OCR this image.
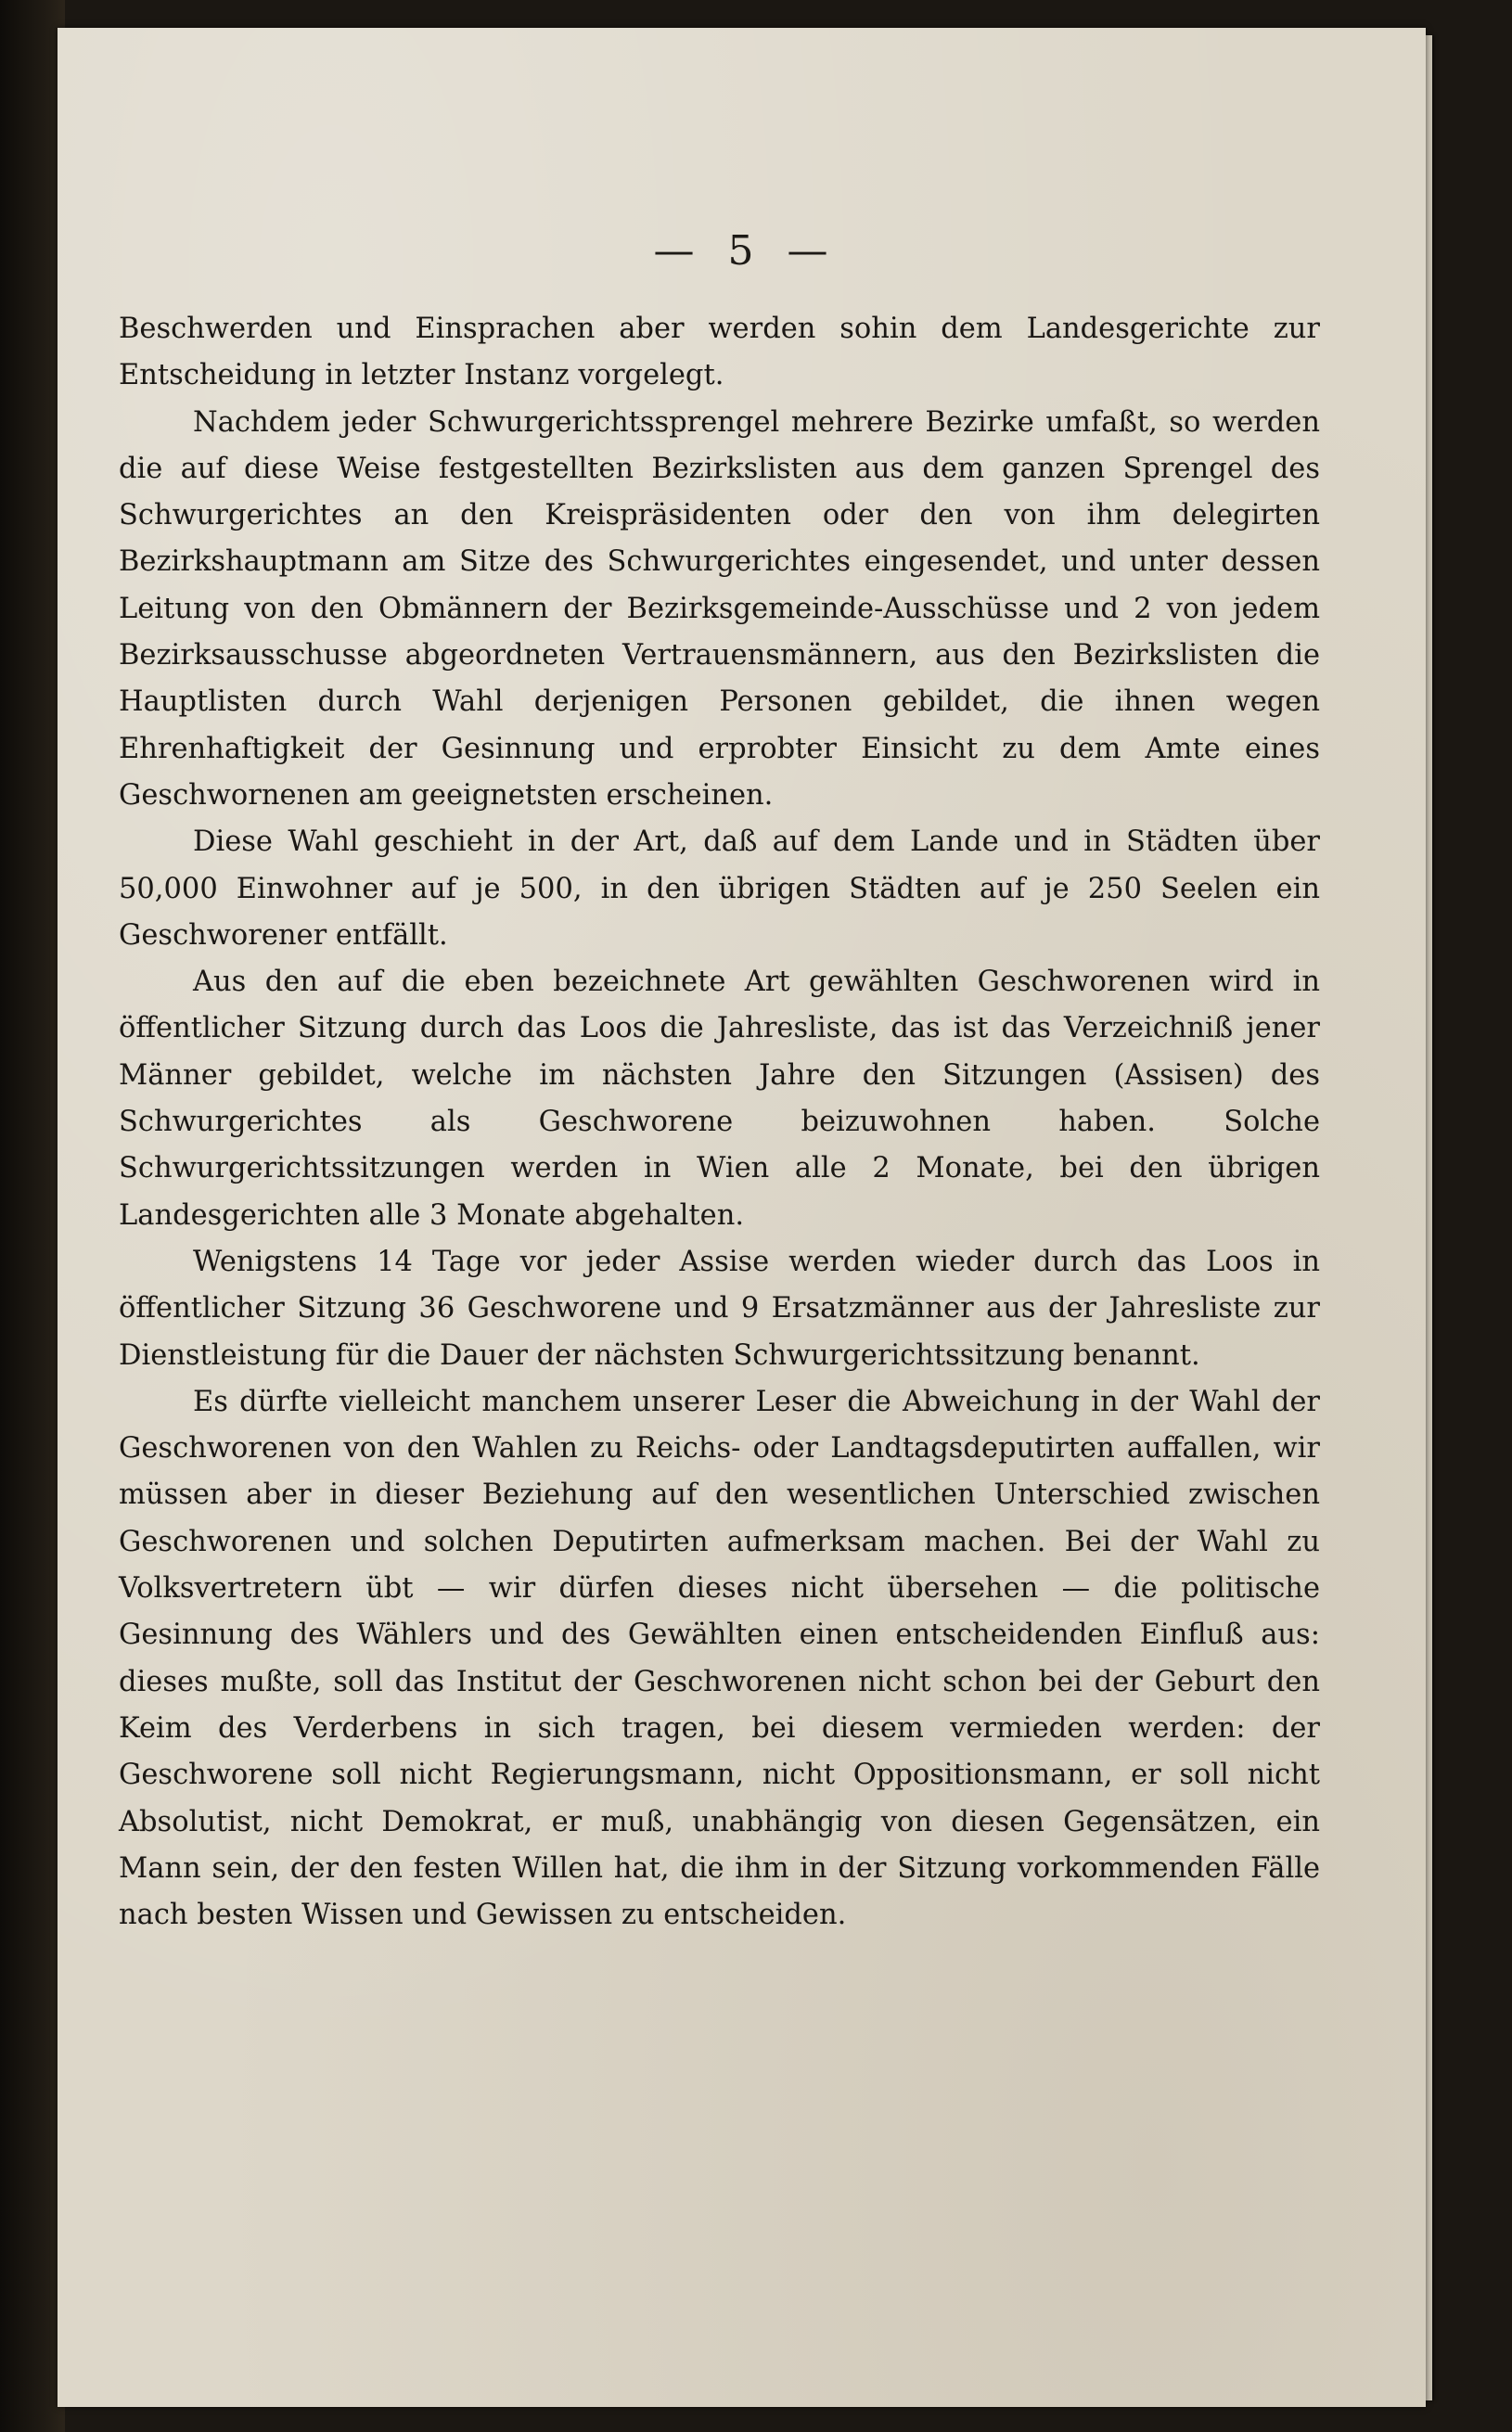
— 5 —

Beschwerden und Einsprachen aber werden sohin dem Landesgerichte zur Entscheidung in letzter Instanz vorgelegt.

Nachdem jeder Schwurgerichtssprengel mehrere Bezirke umfaßt, so werden die auf diese Weise festgestellten Bezirkslisten aus dem ganzen Sprengel des Schwurgerichtes an den Kreispräsidenten oder den von ihm delegirten Bezirkshauptmann am Sitze des Schwurgerichtes eingesendet, und unter dessen Leitung von den Obmännern der Bezirksgemeinde-Ausschüsse und 2 von jedem Bezirksausschusse abgeordneten Vertrauensmännern, aus den Bezirkslisten die Hauptlisten durch Wahl derjenigen Personen gebildet, die ihnen wegen Ehrenhaftigkeit der Gesinnung und erprobter Einsicht zu dem Amte eines Geschwornenen am geeignetsten erscheinen.

Diese Wahl geschieht in der Art, daß auf dem Lande und in Städten über 50,000 Einwohner auf je 500, in den übrigen Städten auf je 250 Seelen ein Geschworener entfällt.

Aus den auf die eben bezeichnete Art gewählten Geschworenen wird in öffentlicher Sitzung durch das Loos die Jahresliste, das ist das Verzeichniß jener Männer gebildet, welche im nächsten Jahre den Sitzungen (Assisen) des Schwurgerichtes als Geschworene beizuwohnen haben. Solche Schwurgerichtssitzungen werden in Wien alle 2 Monate, bei den übrigen Landesgerichten alle 3 Monate abgehalten.

Wenigstens 14 Tage vor jeder Assise werden wieder durch das Loos in öffentlicher Sitzung 36 Geschworene und 9 Ersatzmänner aus der Jahresliste zur Dienstleistung für die Dauer der nächsten Schwurgerichtssitzung benannt.

Es dürfte vielleicht manchem unserer Leser die Abweichung in der Wahl der Geschworenen von den Wahlen zu Reichs- oder Landtagsdeputirten auffallen, wir müssen aber in dieser Beziehung auf den wesentlichen Unterschied zwischen Geschworenen und solchen Deputirten aufmerksam machen. Bei der Wahl zu Volksvertretern übt — wir dürfen dieses nicht übersehen — die politische Gesinnung des Wählers und des Gewählten einen entscheidenden Einfluß aus: dieses mußte, soll das Institut der Geschworenen nicht schon bei der Geburt den Keim des Verderbens in sich tragen, bei diesem vermieden werden: der Geschworene soll nicht Regierungsmann, nicht Oppositionsmann, er soll nicht Absolutist, nicht Demokrat, er muß, unabhängig von diesen Gegensätzen, ein Mann sein, der den festen Willen hat, die ihm in der Sitzung vorkommenden Fälle nach besten Wissen und Gewissen zu entscheiden.
